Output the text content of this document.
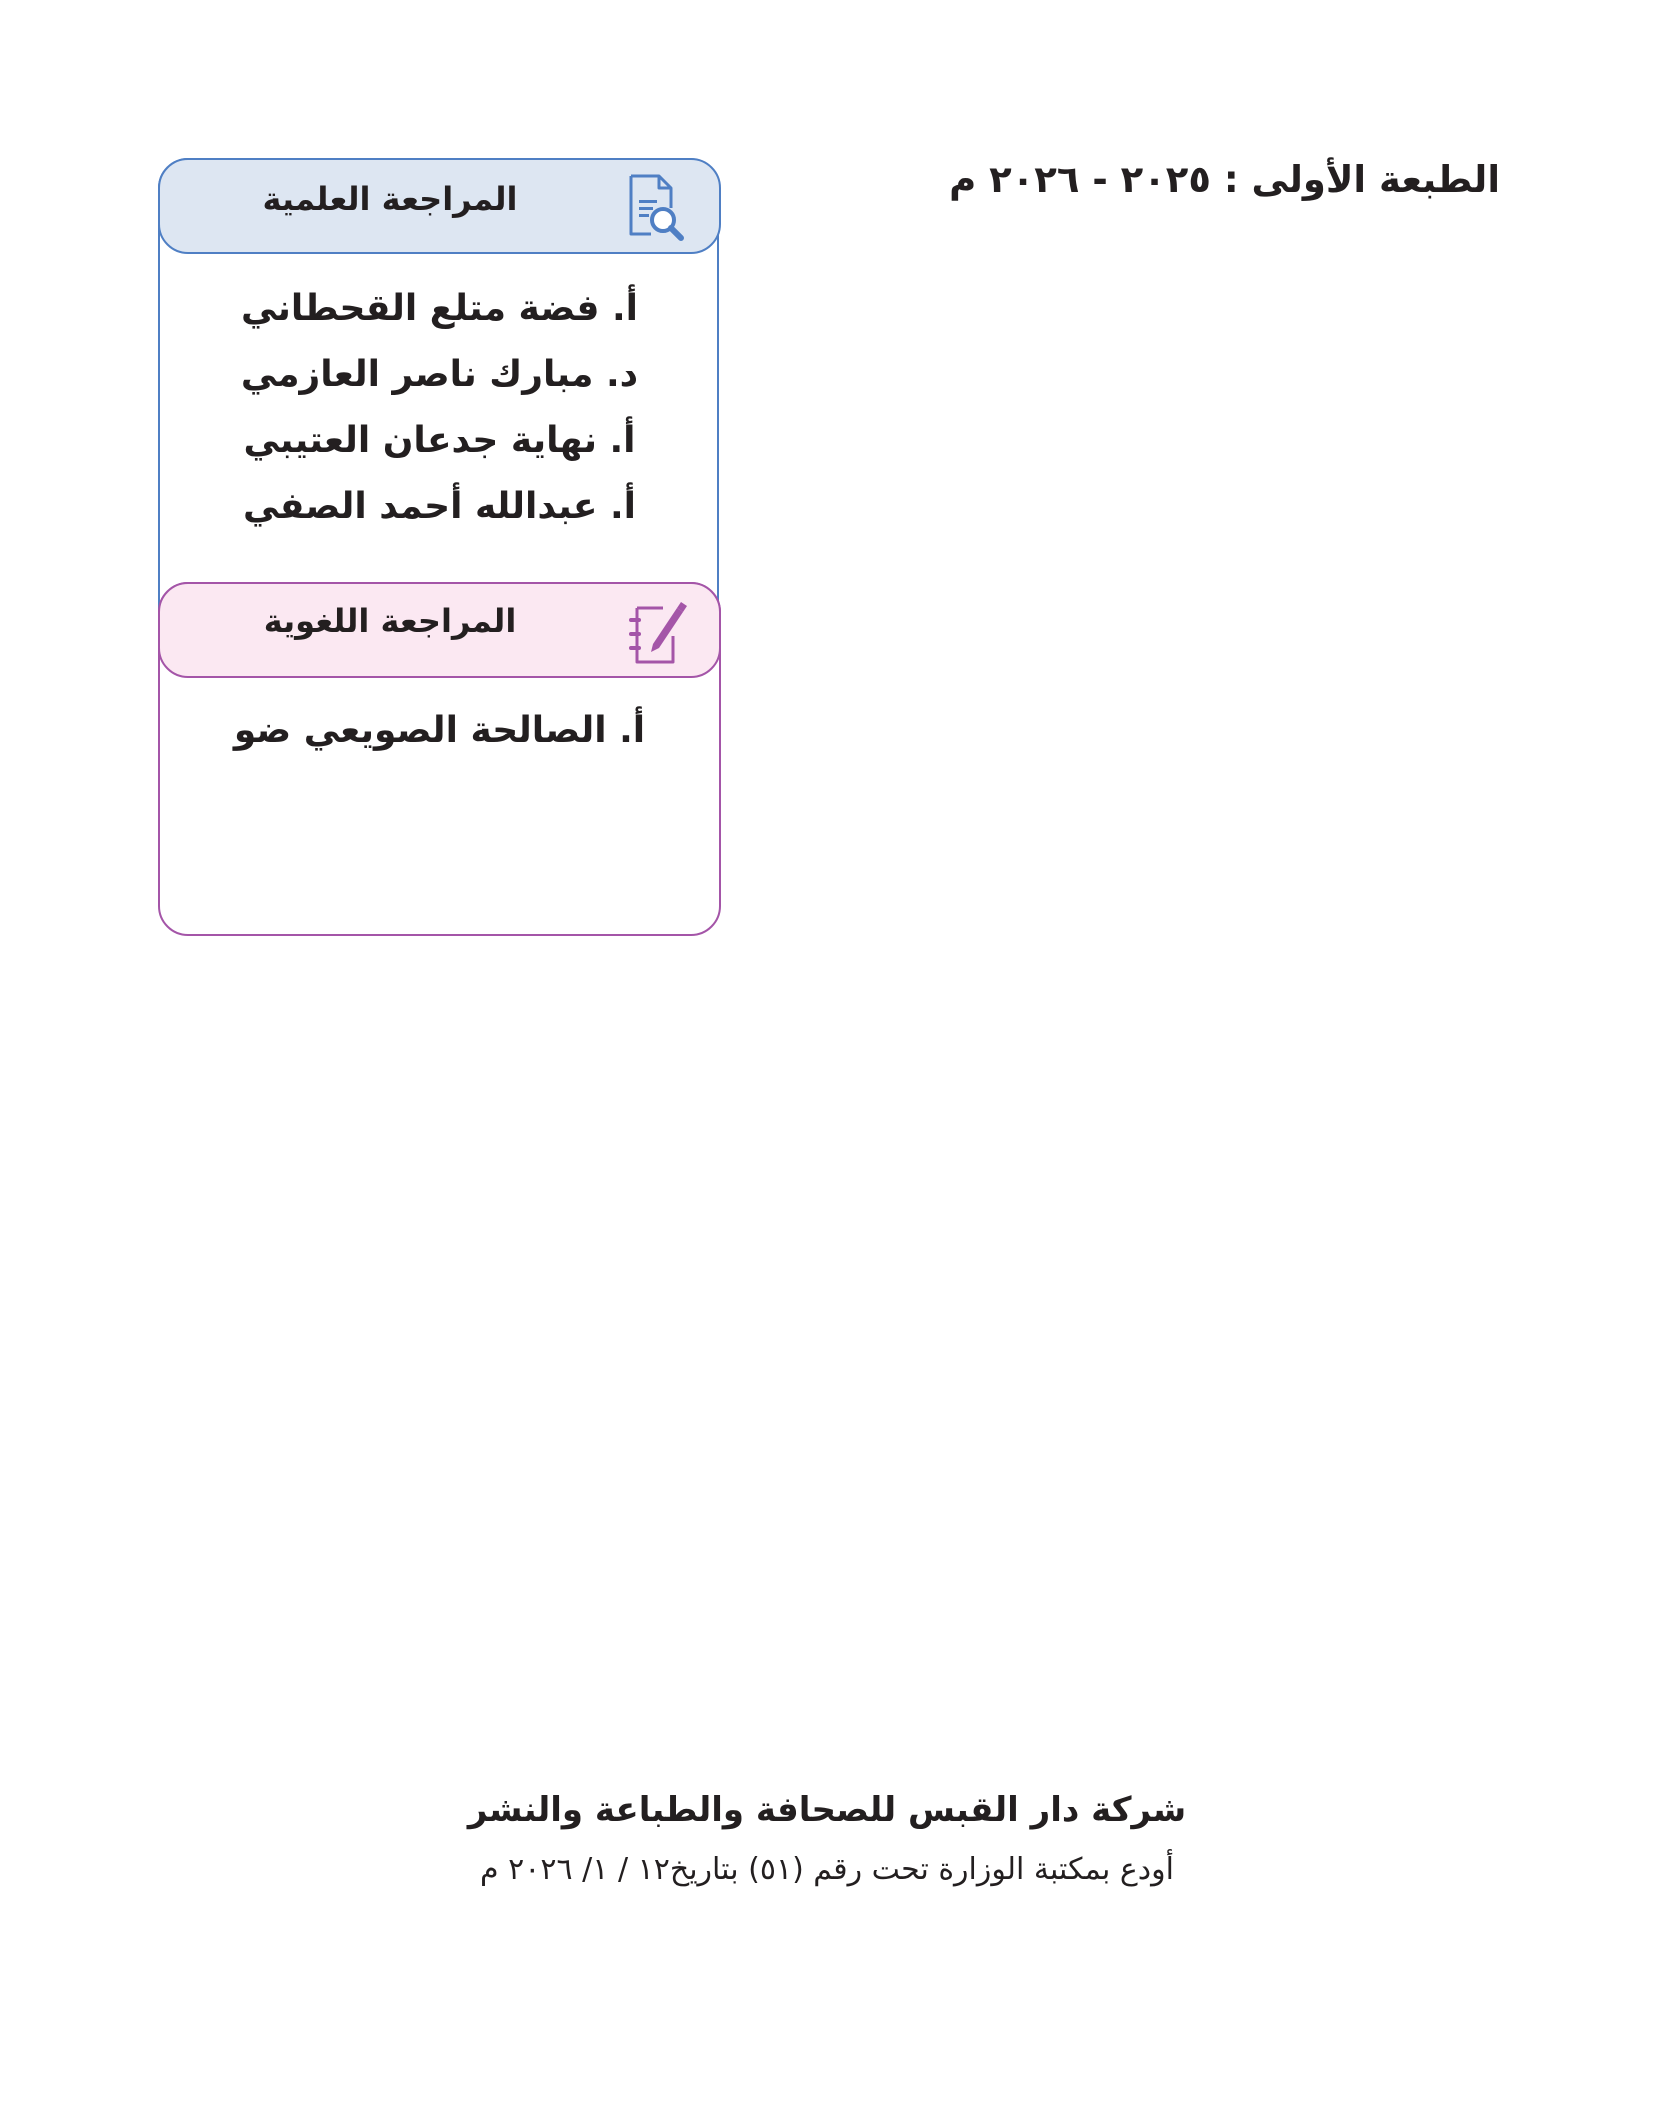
الطبعة الأولى : ٢٠٢٥ - ٢٠٢٦ م
المراجعة العلمية
أ. فضة متلع القحطاني
د. مبارك ناصر العازمي
أ. نهاية جدعان العتيبي
أ. عبدالله أحمد الصفي
المراجعة اللغوية
أ. الصالحة الصويعي ضو
شركة دار القبس للصحافة والطباعة والنشر
أودع بمكتبة الوزارة تحت رقم (٥١) بتاريخ١٢ / ١/ ٢٠٢٦ م
